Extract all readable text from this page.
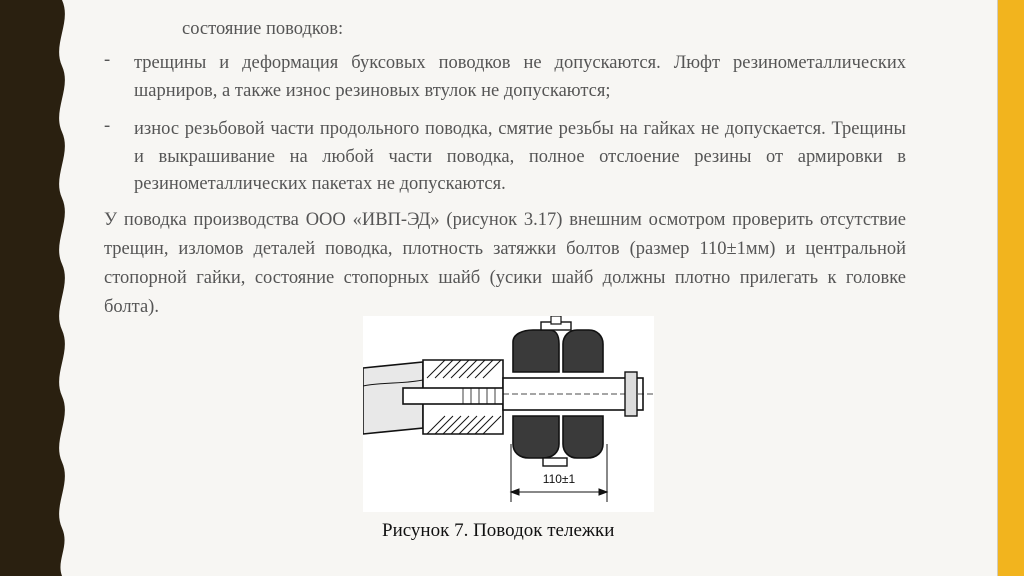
состояние поводков:
- трещины и деформация буксовых поводков не допускаются. Люфт резинометаллических шарниров, а также износ резиновых втулок не допускаются;
- износ резьбовой части продольного поводка, смятие резьбы на гайках не допускается. Трещины и выкрашивание на любой части поводка, полное отслоение резины от армировки в резинометаллических пакетах не допускаются.
У поводка производства ООО «ИВП-ЭД» (рисунок 3.17) внешним осмотром проверить отсутствие трещин, изломов деталей поводка, плотность затяжки болтов (размер 110±1мм) и центральной стопорной гайки, состояние стопорных шайб (усики шайб должны плотно прилегать к головке болта).
110±1
Рисунок 7. Поводок тележки
